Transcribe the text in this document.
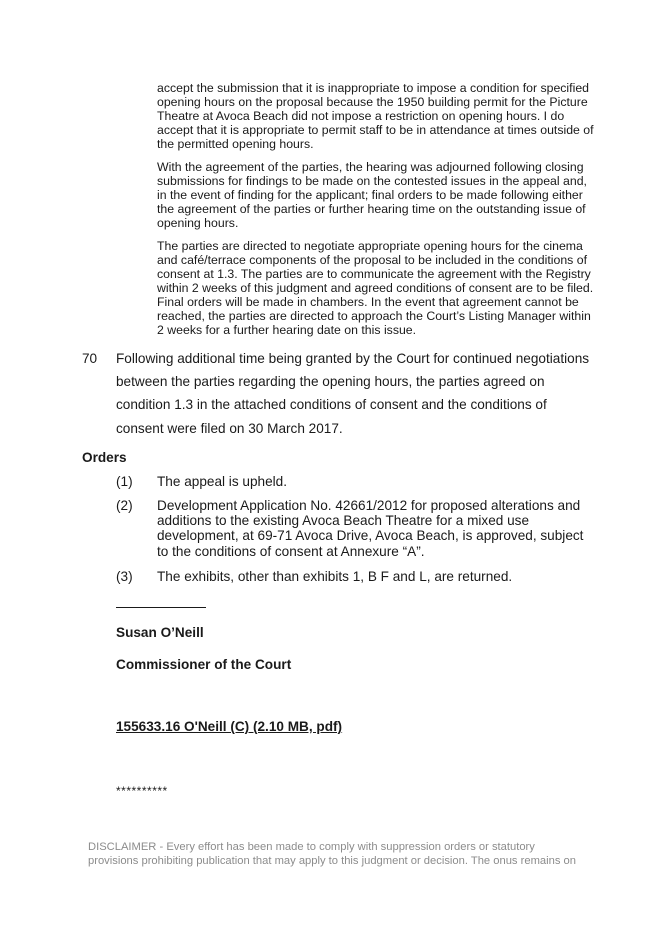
accept the submission that it is inappropriate to impose a condition for specified opening hours on the proposal because the 1950 building permit for the Picture Theatre at Avoca Beach did not impose a restriction on opening hours. I do accept that it is appropriate to permit staff to be in attendance at times outside of the permitted opening hours.

With the agreement of the parties, the hearing was adjourned following closing submissions for findings to be made on the contested issues in the appeal and, in the event of finding for the applicant; final orders to be made following either the agreement of the parties or further hearing time on the outstanding issue of opening hours.

The parties are directed to negotiate appropriate opening hours for the cinema and café/terrace components of the proposal to be included in the conditions of consent at 1.3. The parties are to communicate the agreement with the Registry within 2 weeks of this judgment and agreed conditions of consent are to be filed. Final orders will be made in chambers. In the event that agreement cannot be reached, the parties are directed to approach the Court’s Listing Manager within 2 weeks for a further hearing date on this issue.

70 Following additional time being granted by the Court for continued negotiations between the parties regarding the opening hours, the parties agreed on condition 1.3 in the attached conditions of consent and the conditions of consent were filed on 30 March 2017.

Orders
(1) The appeal is upheld.

(2) Development Application No. 42661/2012 for proposed alterations and additions to the existing Avoca Beach Theatre for a mixed use development, at 69-71 Avoca Drive, Avoca Beach, is approved, subject to the conditions of consent at Annexure “A”.

(3) The exhibits, other than exhibits 1, B F and L, are returned.

Susan O’Neill

Commissioner of the Court

155633.16 O'Neill (C) (2.10 MB, pdf)

**********

DISCLAIMER - Every effort has been made to comply with suppression orders or statutory provisions prohibiting publication that may apply to this judgment or decision. The onus remains on
